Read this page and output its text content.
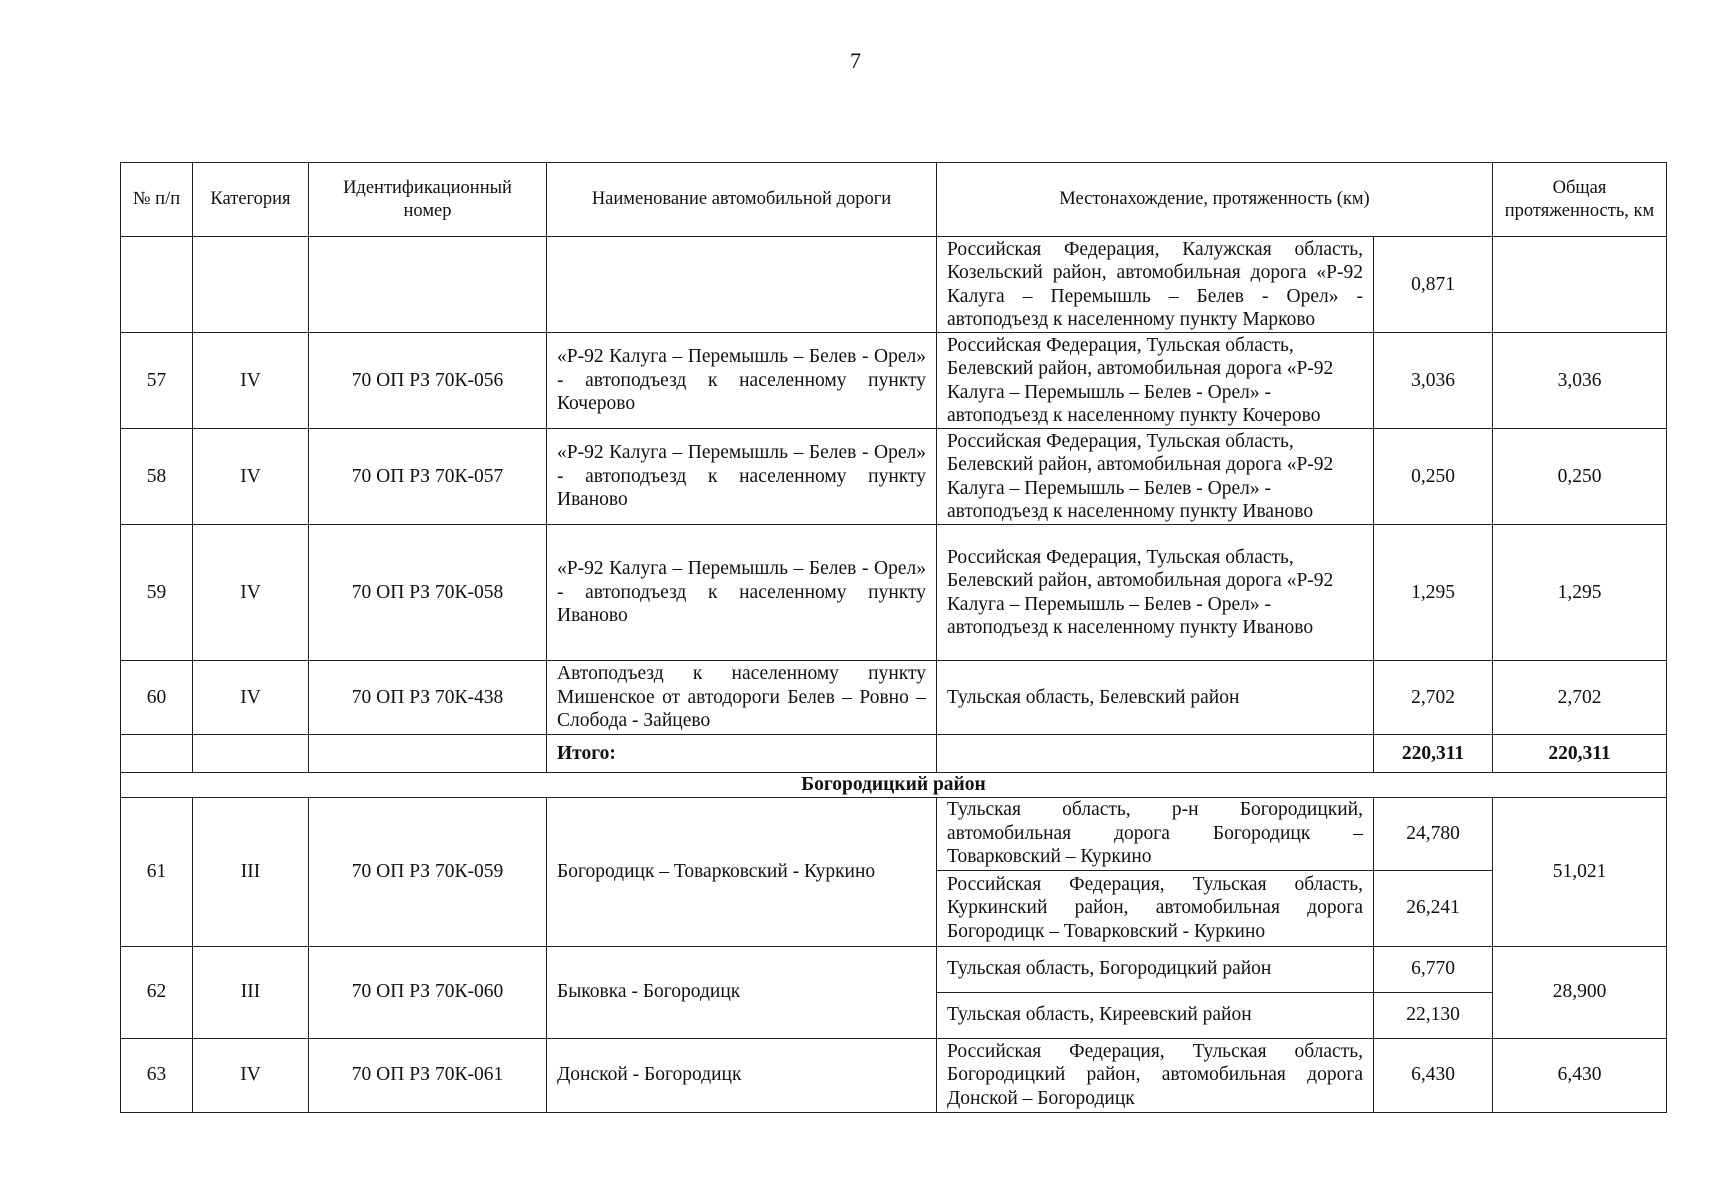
7
№ п/п	Категория	Идентификационный номер	Наименование автомобильной дороги	Местонахождение, протяженность (км)		Общая протяженность, км
				Российская Федерация, Калужская область, Козельский район, автомобильная дорога «Р-92 Калуга – Перемышль – Белев - Орел» - автоподъезд к населенному пункту Марково	0,871	
57	IV	70 ОП РЗ 70К-056	«Р-92 Калуга – Перемышль – Белев - Орел» - автоподъезд к населенному пункту Кочерово	Российская Федерация, Тульская область, Белевский район, автомобильная дорога «Р-92 Калуга – Перемышль – Белев - Орел» - автоподъезд к населенному пункту Кочерово	3,036	3,036
58	IV	70 ОП РЗ 70К-057	«Р-92 Калуга – Перемышль – Белев - Орел» - автоподъезд к населенному пункту Иваново	Российская Федерация, Тульская область, Белевский район, автомобильная дорога «Р-92 Калуга – Перемышль – Белев - Орел» - автоподъезд к населенному пункту Иваново	0,250	0,250
59	IV	70 ОП РЗ 70К-058	«Р-92 Калуга – Перемышль – Белев - Орел» - автоподъезд к населенному пункту Иваново	Российская Федерация, Тульская область, Белевский район, автомобильная дорога «Р-92 Калуга – Перемышль – Белев - Орел» - автоподъезд к населенному пункту Иваново	1,295	1,295
60	IV	70 ОП РЗ 70К-438	Автоподъезд к населенному пункту Мишенское от автодороги Белев – Ровно – Слобода - Зайцево	Тульская область, Белевский район	2,702	2,702
			Итого:		220,311	220,311
Богородицкий район						
61	III	70 ОП РЗ 70К-059	Богородицк – Товарковский - Куркино	Тульская область, р-н Богородицкий, автомобильная дорога Богородицк – Товарковский – Куркино	24,780	51,021
				Российская Федерация, Тульская область, Куркинский район, автомобильная дорога Богородицк – Товарковский - Куркино	26,241	
62	III	70 ОП РЗ 70К-060	Быковка - Богородицк	Тульская область, Богородицкий район	6,770	28,900
				Тульская область, Киреевский район	22,130	
63	IV	70 ОП РЗ 70К-061	Донской - Богородицк	Российская Федерация, Тульская область, Богородицкий район, автомобильная дорога Донской – Богородицк	6,430	6,430
